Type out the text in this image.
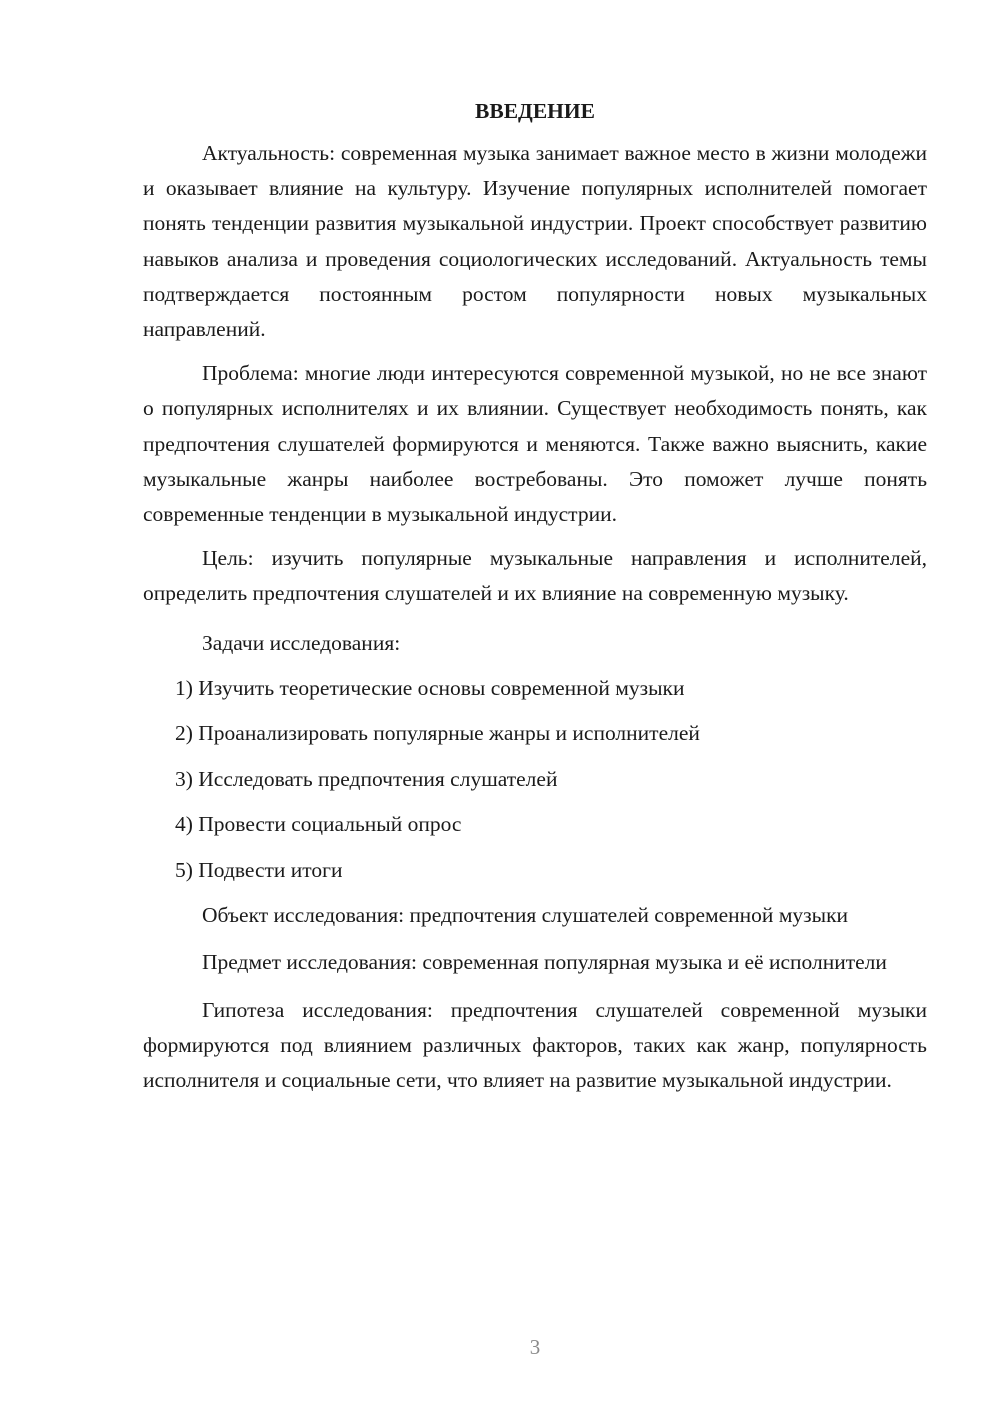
ВВЕДЕНИЕ

Актуальность: современная музыка занимает важное место в жизни молодежи и оказывает влияние на культуру. Изучение популярных исполнителей помогает понять тенденции развития музыкальной индустрии. Проект способствует развитию навыков анализа и проведения социологических исследований. Актуальность темы подтверждается постоянным ростом популярности новых музыкальных направлений.

Проблема: многие люди интересуются современной музыкой, но не все знают о популярных исполнителях и их влиянии. Существует необходимость понять, как предпочтения слушателей формируются и меняются. Также важно выяснить, какие музыкальные жанры наиболее востребованы. Это поможет лучше понять современные тенденции в музыкальной индустрии.

Цель: изучить популярные музыкальные направления и исполнителей, определить предпочтения слушателей и их влияние на современную музыку.

Задачи исследования:

1) Изучить теоретические основы современной музыки
2) Проанализировать популярные жанры и исполнителей
3) Исследовать предпочтения слушателей
4) Провести социальный опрос
5) Подвести итоги

Объект исследования: предпочтения слушателей современной музыки

Предмет исследования: современная популярная музыка и её исполнители

Гипотеза исследования: предпочтения слушателей современной музыки формируются под влиянием различных факторов, таких как жанр, популярность исполнителя и социальные сети, что влияет на развитие музыкальной индустрии.

3
